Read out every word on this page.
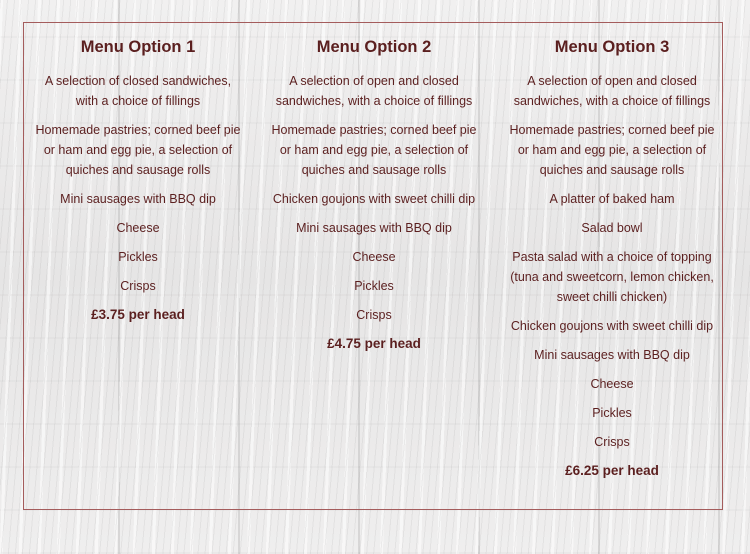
Menu Option 1
A selection of closed sandwiches, with a choice of fillings
Homemade pastries; corned beef pie or ham and egg pie, a selection of quiches and sausage rolls
Mini sausages with BBQ dip
Cheese
Pickles
Crisps
£3.75 per head
Menu Option 2
A selection of open and closed sandwiches, with a choice of fillings
Homemade pastries; corned beef pie or ham and egg pie, a selection of quiches and sausage rolls
Chicken goujons with sweet chilli dip
Mini sausages with BBQ dip
Cheese
Pickles
Crisps
£4.75 per head
Menu Option 3
A selection of open and closed sandwiches, with a choice of fillings
Homemade pastries; corned beef pie or ham and egg pie, a selection of quiches and sausage rolls
A platter of baked ham
Salad bowl
Pasta salad with a choice of topping (tuna and sweetcorn, lemon chicken, sweet chilli chicken)
Chicken goujons with sweet chilli dip
Mini sausages with BBQ dip
Cheese
Pickles
Crisps
£6.25 per head
